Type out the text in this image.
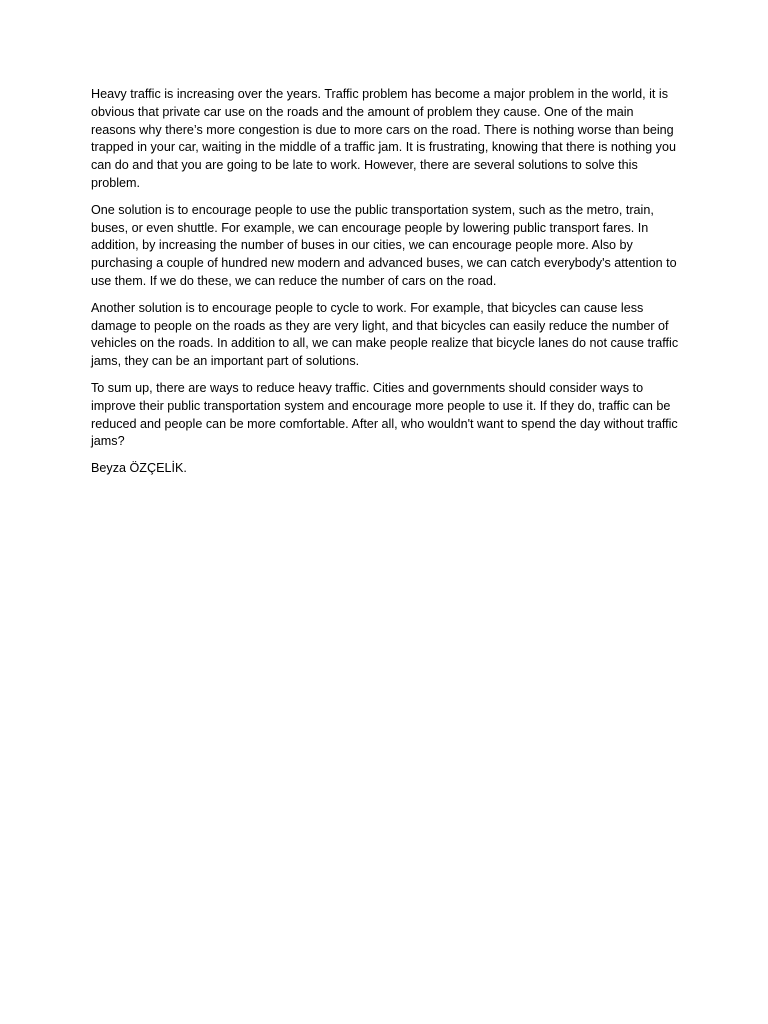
Heavy traffic is increasing over the years. Traffic problem has become a major problem in the world, it is obvious that private car use on the roads and the amount of problem they cause. One of the main reasons why there’s more congestion is due to more cars on the road. There is nothing worse than being trapped in your car, waiting in the middle of a traffic jam. It is frustrating, knowing that there is nothing you can do and that you are going to be late to work. However, there are several solutions to solve this problem.

One solution is to encourage people to use the public transportation system, such as the metro, train, buses, or even shuttle. For example, we can encourage people by lowering public transport fares. In addition, by increasing the number of buses in our cities, we can encourage people more. Also by purchasing a couple of hundred new modern and advanced buses, we can catch everybody's attention to use them. If we do these, we can reduce the number of cars on the road.

Another solution is to encourage people to cycle to work. For example, that bicycles can cause less damage to people on the roads as they are very light, and that bicycles can easily reduce the number of vehicles on the roads. In addition to all, we can make people realize that bicycle lanes do not cause traffic jams, they can be an important part of solutions.

To sum up, there are ways to reduce heavy traffic. Cities and governments should consider ways to improve their public transportation system and encourage more people to use it. If they do, traffic can be reduced and people can be more comfortable. After all, who wouldn't want to spend the day without traffic jams?

Beyza ÖZÇELİK.
